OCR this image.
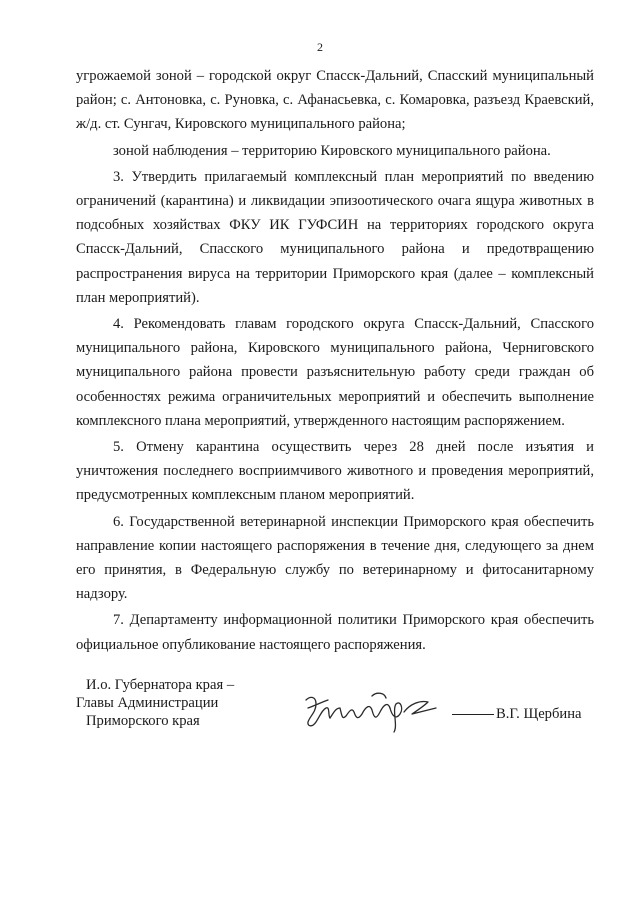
2

угрожаемой зоной – городской округ Спасск-Дальний, Спасский муниципальный район; с. Антоновка, с. Руновка, с. Афанасьевка, с. Комаровка, разъезд Краевский, ж/д. ст. Сунгач, Кировского муниципального района;

зоной наблюдения – территорию Кировского муниципального района.

3. Утвердить прилагаемый комплексный план мероприятий по введению ограничений (карантина) и ликвидации эпизоотического очага ящура животных в подсобных хозяйствах ФКУ ИК ГУФСИН на территориях городского округа Спасск-Дальний, Спасского муниципального района и предотвращению распространения вируса на территории Приморского края (далее – комплексный план мероприятий).

4. Рекомендовать главам городского округа Спасск-Дальний, Спасского муниципального района, Кировского муниципального района, Черниговского муниципального района провести разъяснительную работу среди граждан об особенностях режима ограничительных мероприятий и обеспечить выполнение комплексного плана мероприятий, утвержденного настоящим распоряжением.

5. Отмену карантина осуществить через 28 дней после изъятия и уничтожения последнего восприимчивого животного и проведения мероприятий, предусмотренных комплексным планом мероприятий.

6. Государственной ветеринарной инспекции Приморского края обеспечить направление копии настоящего распоряжения в течение дня, следующего за днем его принятия, в Федеральную службу по ветеринарному и фитосанитарному надзору.

7. Департаменту информационной политики Приморского края обеспечить официальное опубликование настоящего распоряжения.

И.о. Губернатора края –
Главы Администрации
Приморского края	В.Г. Щербина
